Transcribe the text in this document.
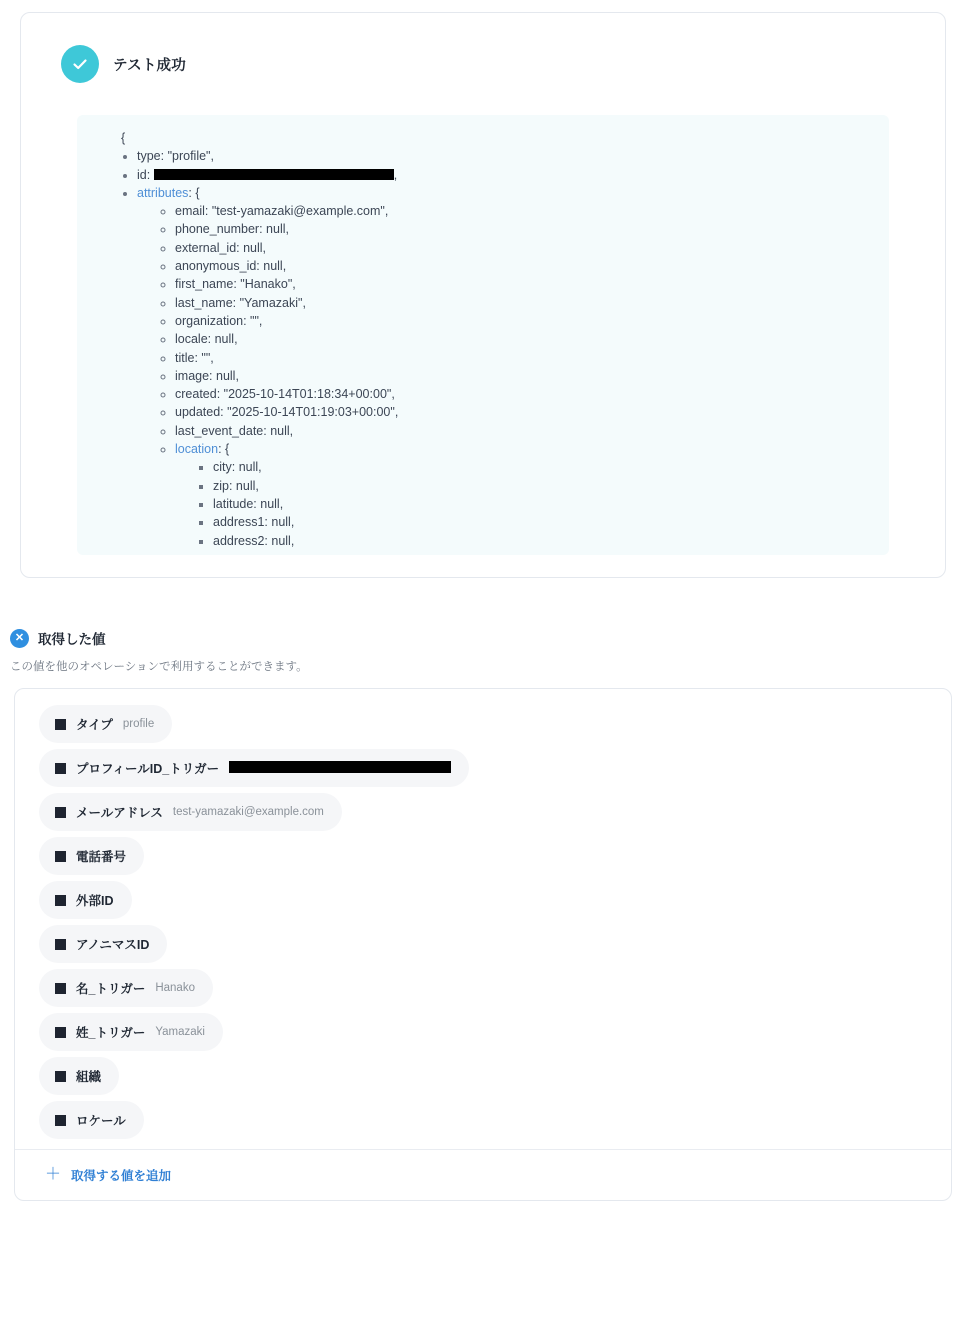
テスト成功
{
• type: "profile",
• id:	,
• attributes: {
◦ email: "test-yamazaki@example.com",
◦ phone_number: null,
◦ external_id: null,
◦ anonymous_id: null,
◦ first_name: "Hanako",
◦ last_name: "Yamazaki",
◦ organization: "",
◦ locale: null,
◦ title: "",
◦ image: null,
◦ created: "2025-10-14T01:18:34+00:00",
◦ updated: "2025-10-14T01:19:03+00:00",
◦ last_event_date: null,
◦ location: {
▪ city: null,
▪ zip: null,
▪ latitude: null,
▪ address1: null,
▪ address2: null,
✕	取得した値
この値を他のオペレーションで利用することができます。
タイプ profile
プロフィールID_トリガー
メールアドレス test-yamazaki@example.com
電話番号
外部ID
アノニマスID
名_トリガー Hanako
姓_トリガー Yamazaki
組織
ロケール
＋ 取得する値を追加
